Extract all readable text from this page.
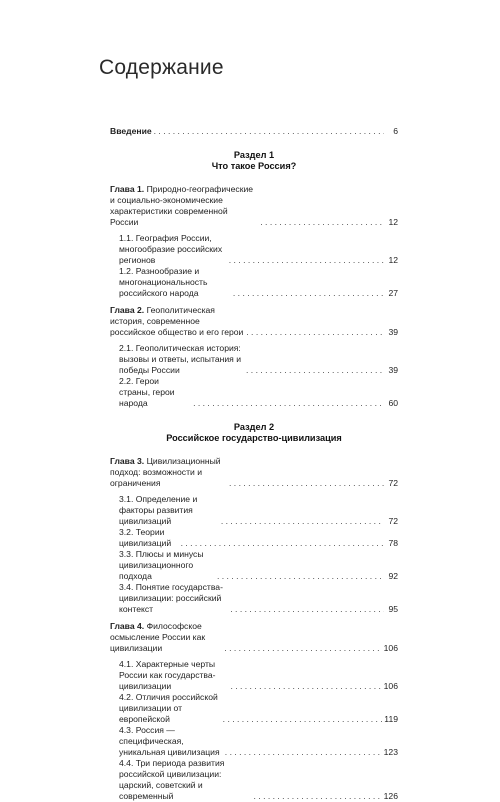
Содержание
Введение . . .	6
Раздел 1
Что такое Россия?
Глава 1. Природно-географические и социально-экономические характеристики современной России . . .	12
1.1. География России, многообразие российских регионов . . .	12
1.2. Разнообразие и многонациональность российского народа . . .	27
Глава 2. Геополитическая история, современное российское общество и его герои . . .	39
2.1. Геополитическая история: вызовы и ответы, испытания и победы России . . .	39
2.2. Герои страны, герои народа . . .	60
Раздел 2
Российское государство-цивилизация
Глава 3. Цивилизационный подход: возможности и ограничения . . .	72
3.1. Определение и факторы развития цивилизаций . . .	72
3.2. Теории цивилизаций . . .	78
3.3. Плюсы и минусы цивилизационного подхода . . .	92
3.4. Понятие государства-цивилизации: российский контекст . . .	95
Глава 4. Философское осмысление России как цивилизации . . .	106
4.1. Характерные черты России как государства-цивилизации . . .	106
4.2. Отличия российской цивилизации от европейской . . .	119
4.3. Россия — специфическая, уникальная цивилизация . . .	123
4.4. Три периода развития российской цивилизации: царский, советский и современный . . .	126
